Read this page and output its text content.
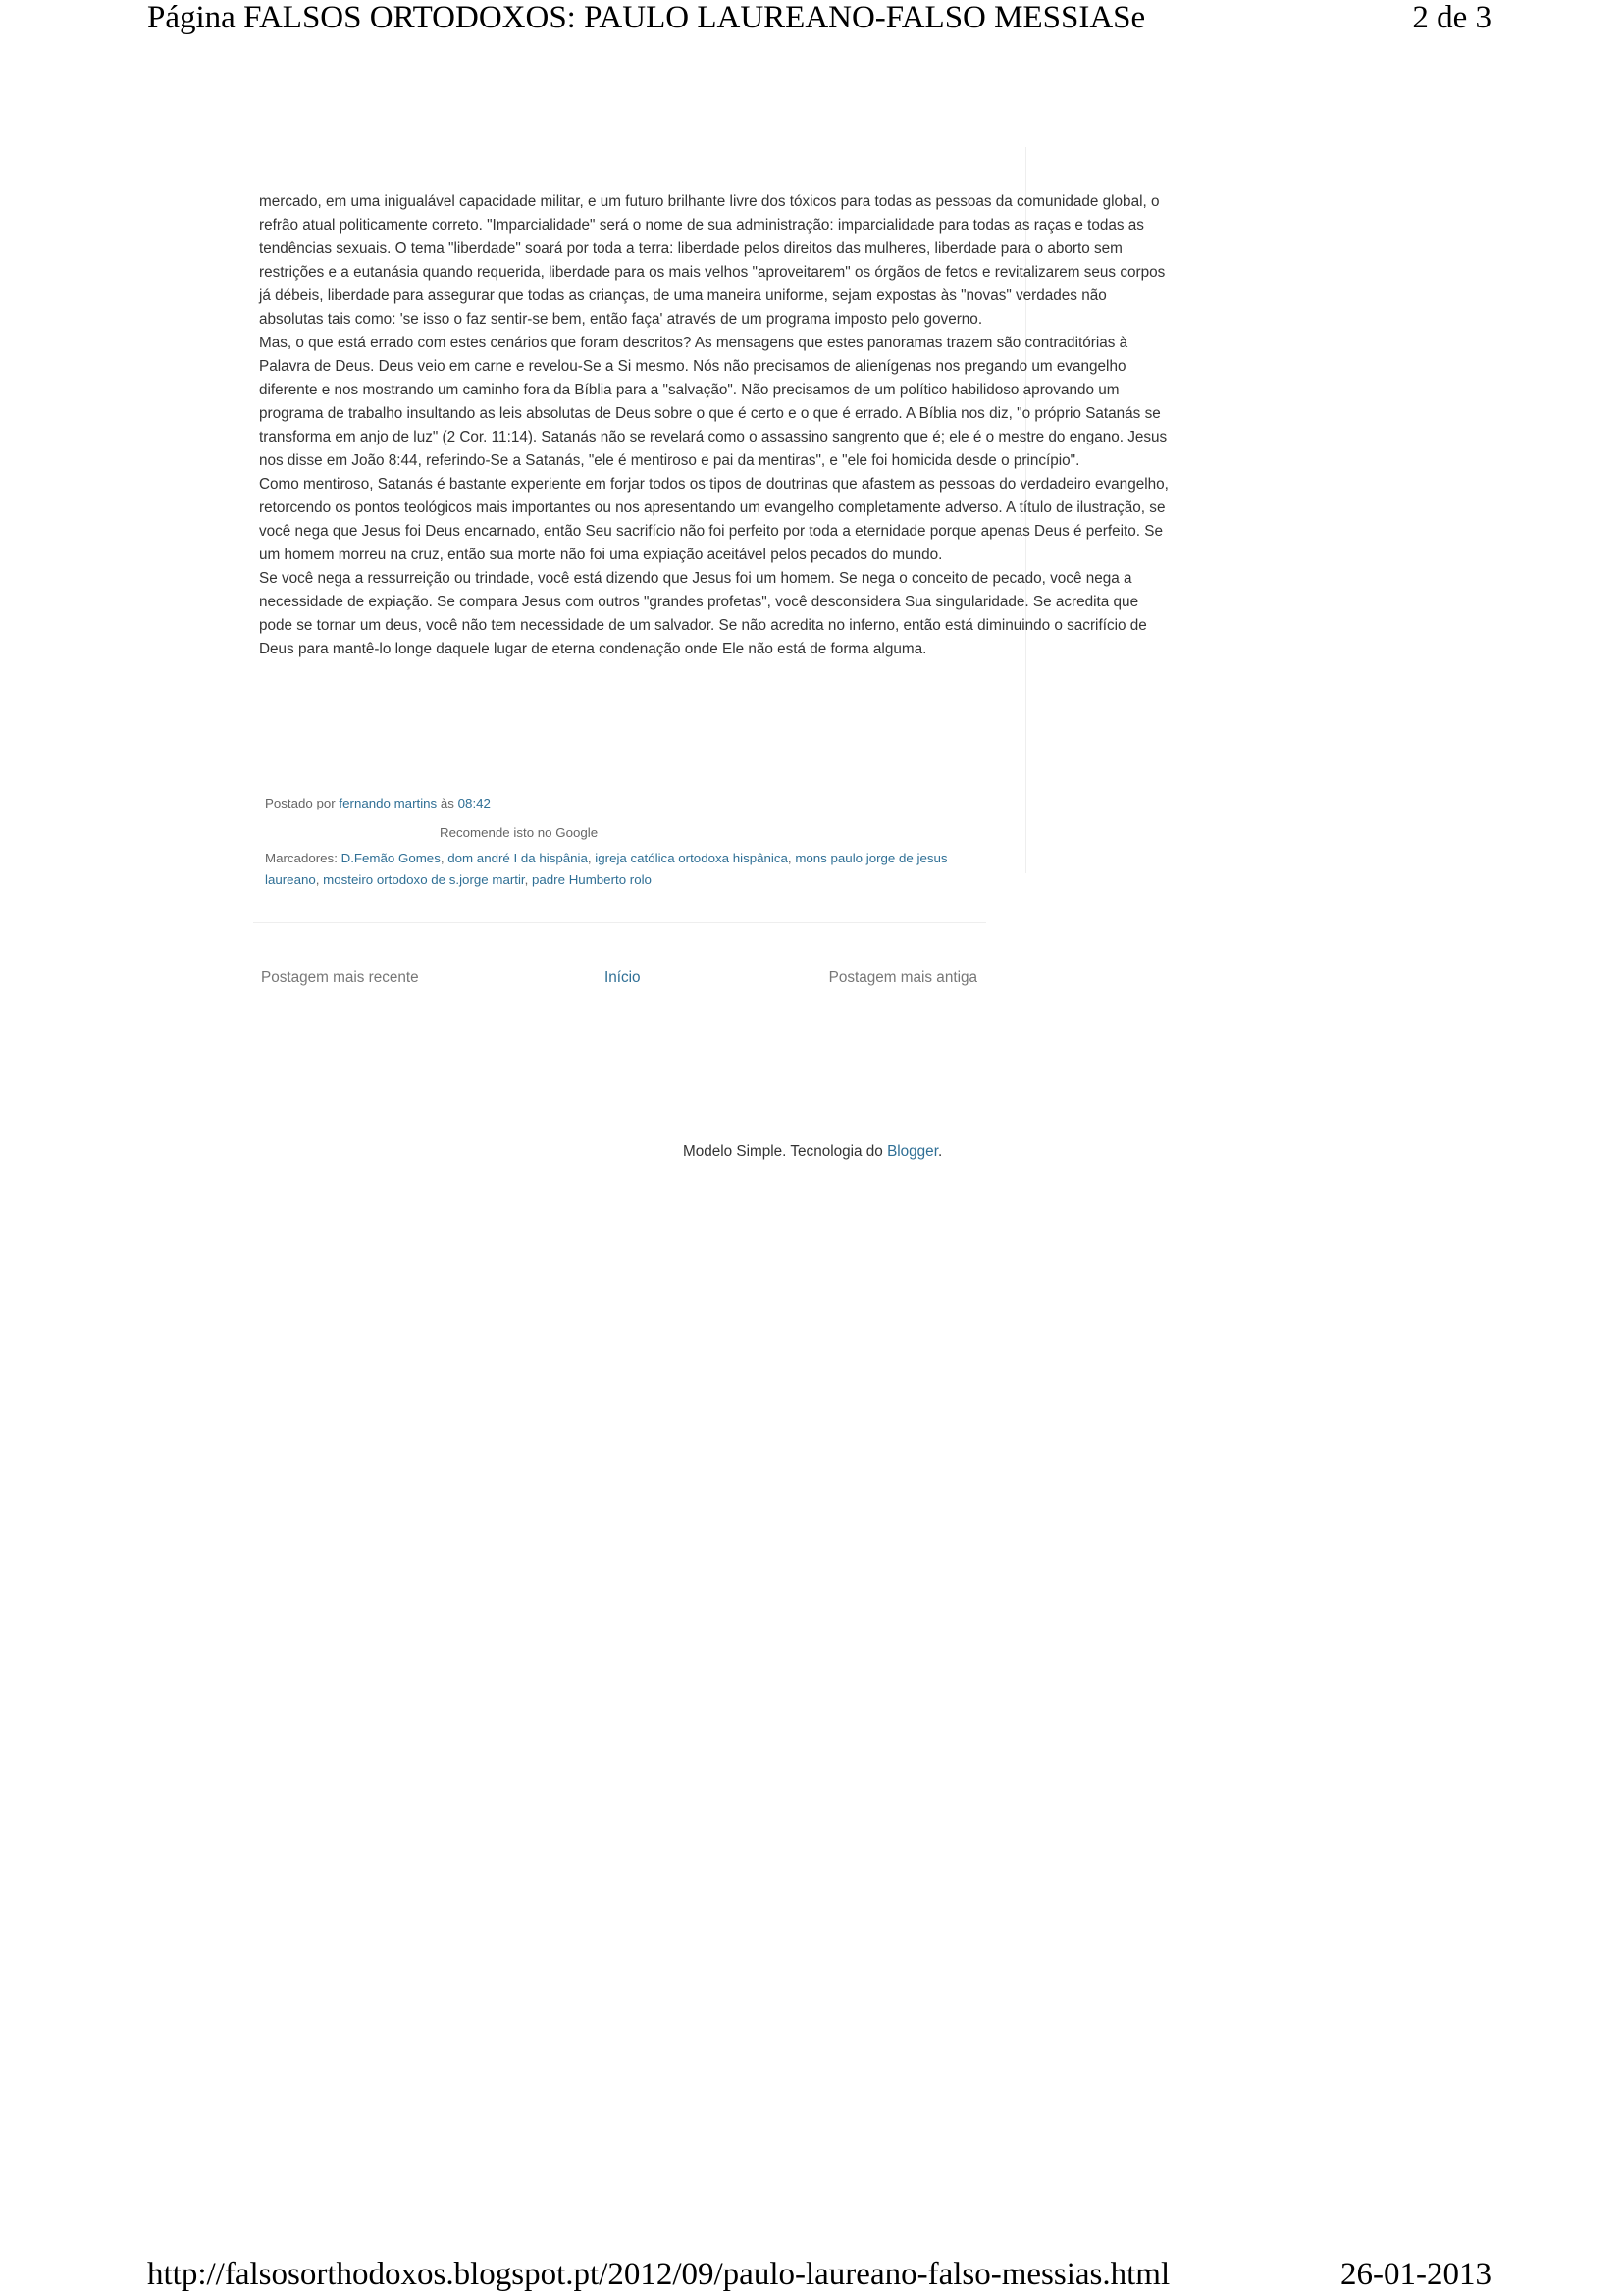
Página FALSOS ORTODOXOS: PAULO LAUREANO-FALSO MESSIASe	2 de 3

mercado, em uma inigualável capacidade militar, e um futuro brilhante livre dos tóxicos para todas as pessoas da comunidade global, o refrão atual politicamente correto. "Imparcialidade" será o nome de sua administração: imparcialidade para todas as raças e todas as tendências sexuais. O tema "liberdade" soará por toda a terra: liberdade pelos direitos das mulheres, liberdade para o aborto sem restrições e a eutanásia quando requerida, liberdade para os mais velhos "aproveitarem" os órgãos de fetos e revitalizarem seus corpos já débeis, liberdade para assegurar que todas as crianças, de uma maneira uniforme, sejam expostas às "novas" verdades não absolutas tais como: 'se isso o faz sentir-se bem, então faça' através de um programa imposto pelo governo.

Mas, o que está errado com estes cenários que foram descritos? As mensagens que estes panoramas trazem são contraditórias à Palavra de Deus. Deus veio em carne e revelou-Se a Si mesmo. Nós não precisamos de alienígenas nos pregando um evangelho diferente e nos mostrando um caminho fora da Bíblia para a "salvação". Não precisamos de um político habilidoso aprovando um programa de trabalho insultando as leis absolutas de Deus sobre o que é certo e o que é errado. A Bíblia nos diz, "o próprio Satanás se transforma em anjo de luz" (2 Cor. 11:14). Satanás não se revelará como o assassino sangrento que é; ele é o mestre do engano. Jesus nos disse em João 8:44, referindo-Se a Satanás, "ele é mentiroso e pai da mentiras", e "ele foi homicida desde o princípio".

Como mentiroso, Satanás é bastante experiente em forjar todos os tipos de doutrinas que afastem as pessoas do verdadeiro evangelho, retorcendo os pontos teológicos mais importantes ou nos apresentando um evangelho completamente adverso. A título de ilustração, se você nega que Jesus foi Deus encarnado, então Seu sacrifício não foi perfeito por toda a eternidade porque apenas Deus é perfeito. Se um homem morreu na cruz, então sua morte não foi uma expiação aceitável pelos pecados do mundo.

Se você nega a ressurreição ou trindade, você está dizendo que Jesus foi um homem. Se nega o conceito de pecado, você nega a necessidade de expiação. Se compara Jesus com outros "grandes profetas", você desconsidera Sua singularidade. Se acredita que pode se tornar um deus, você não tem necessidade de um salvador. Se não acredita no inferno, então está diminuindo o sacrifício de Deus para mantê-lo longe daquele lugar de eterna condenação onde Ele não está de forma alguma.

Postado por fernando martins às 08:42

Recomende isto no Google

Marcadores: D.Femão Gomes, dom andré I da hispânia, igreja católica ortodoxa hispânica, mons paulo jorge de jesus laureano, mosteiro ortodoxo de s.jorge martir, padre Humberto rolo

Postagem mais recente	Início	Postagem mais antiga
Modelo Simple. Tecnologia do Blogger.
http://falsosorthodoxos.blogspot.pt/2012/09/paulo-laureano-falso-messias.html	26-01-2013
